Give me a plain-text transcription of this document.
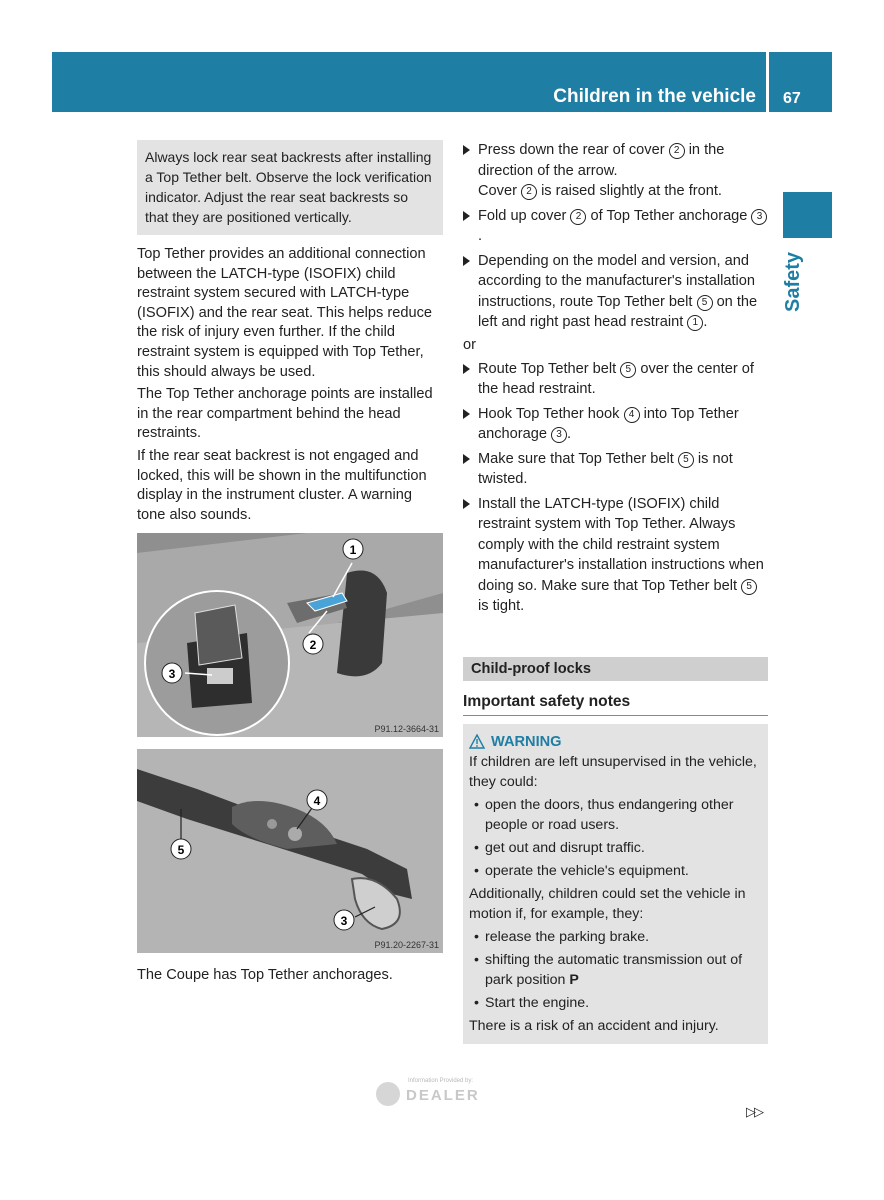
Children in the vehicle 67
Safety
Always lock rear seat backrests after installing a Top Tether belt. Observe the lock verification indicator. Adjust the rear seat backrests so that they are positioned vertically.

Top Tether provides an additional connection between the LATCH-type (ISOFIX) child restraint system secured with LATCH-type (ISOFIX) and the rear seat. This helps reduce the risk of injury even further. If the child restraint system is equipped with Top Tether, this should always be used.

The Top Tether anchorage points are installed in the rear compartment behind the head restraints.

If the rear seat backrest is not engaged and locked, this will be shown in the multifunction display in the instrument cluster. A warning tone also sounds.

1
2
3
P91.12-3664-31
4
5
3
P91.20-2267-31

The Coupe has Top Tether anchorages.

Press down the rear of cover 2 in the direction of the arrow.
Cover 2 is raised slightly at the front.
Fold up cover 2 of Top Tether anchorage 3.
Depending on the model and version, and according to the manufacturer's installation instructions, route Top Tether belt 5 on the left and right past head restraint 1 .

or

Route Top Tether belt 5 over the center of the head restraint.
Hook Top Tether hook 4 into Top Tether anchorage 3 .
Make sure that Top Tether belt 5 is not twisted.
Install the LATCH-type (ISOFIX) child restraint system with Top Tether. Always comply with the child restraint system manufacturer's installation instructions when doing so. Make sure that Top Tether belt 5 is tight.
Child-proof locks
Important safety notes
WARNING

If children are left unsupervised in the vehicle, they could:

• open the doors, thus endangering other people or road users.

• get out and disrupt traffic.

• operate the vehicle's equipment.

Additionally, children could set the vehicle in motion if, for example, they:

• release the parking brake.

• shifting the automatic transmission out of park position P

• Start the engine.

There is a risk of an accident and injury.

Information Provided by:
DEALER
▷▷
